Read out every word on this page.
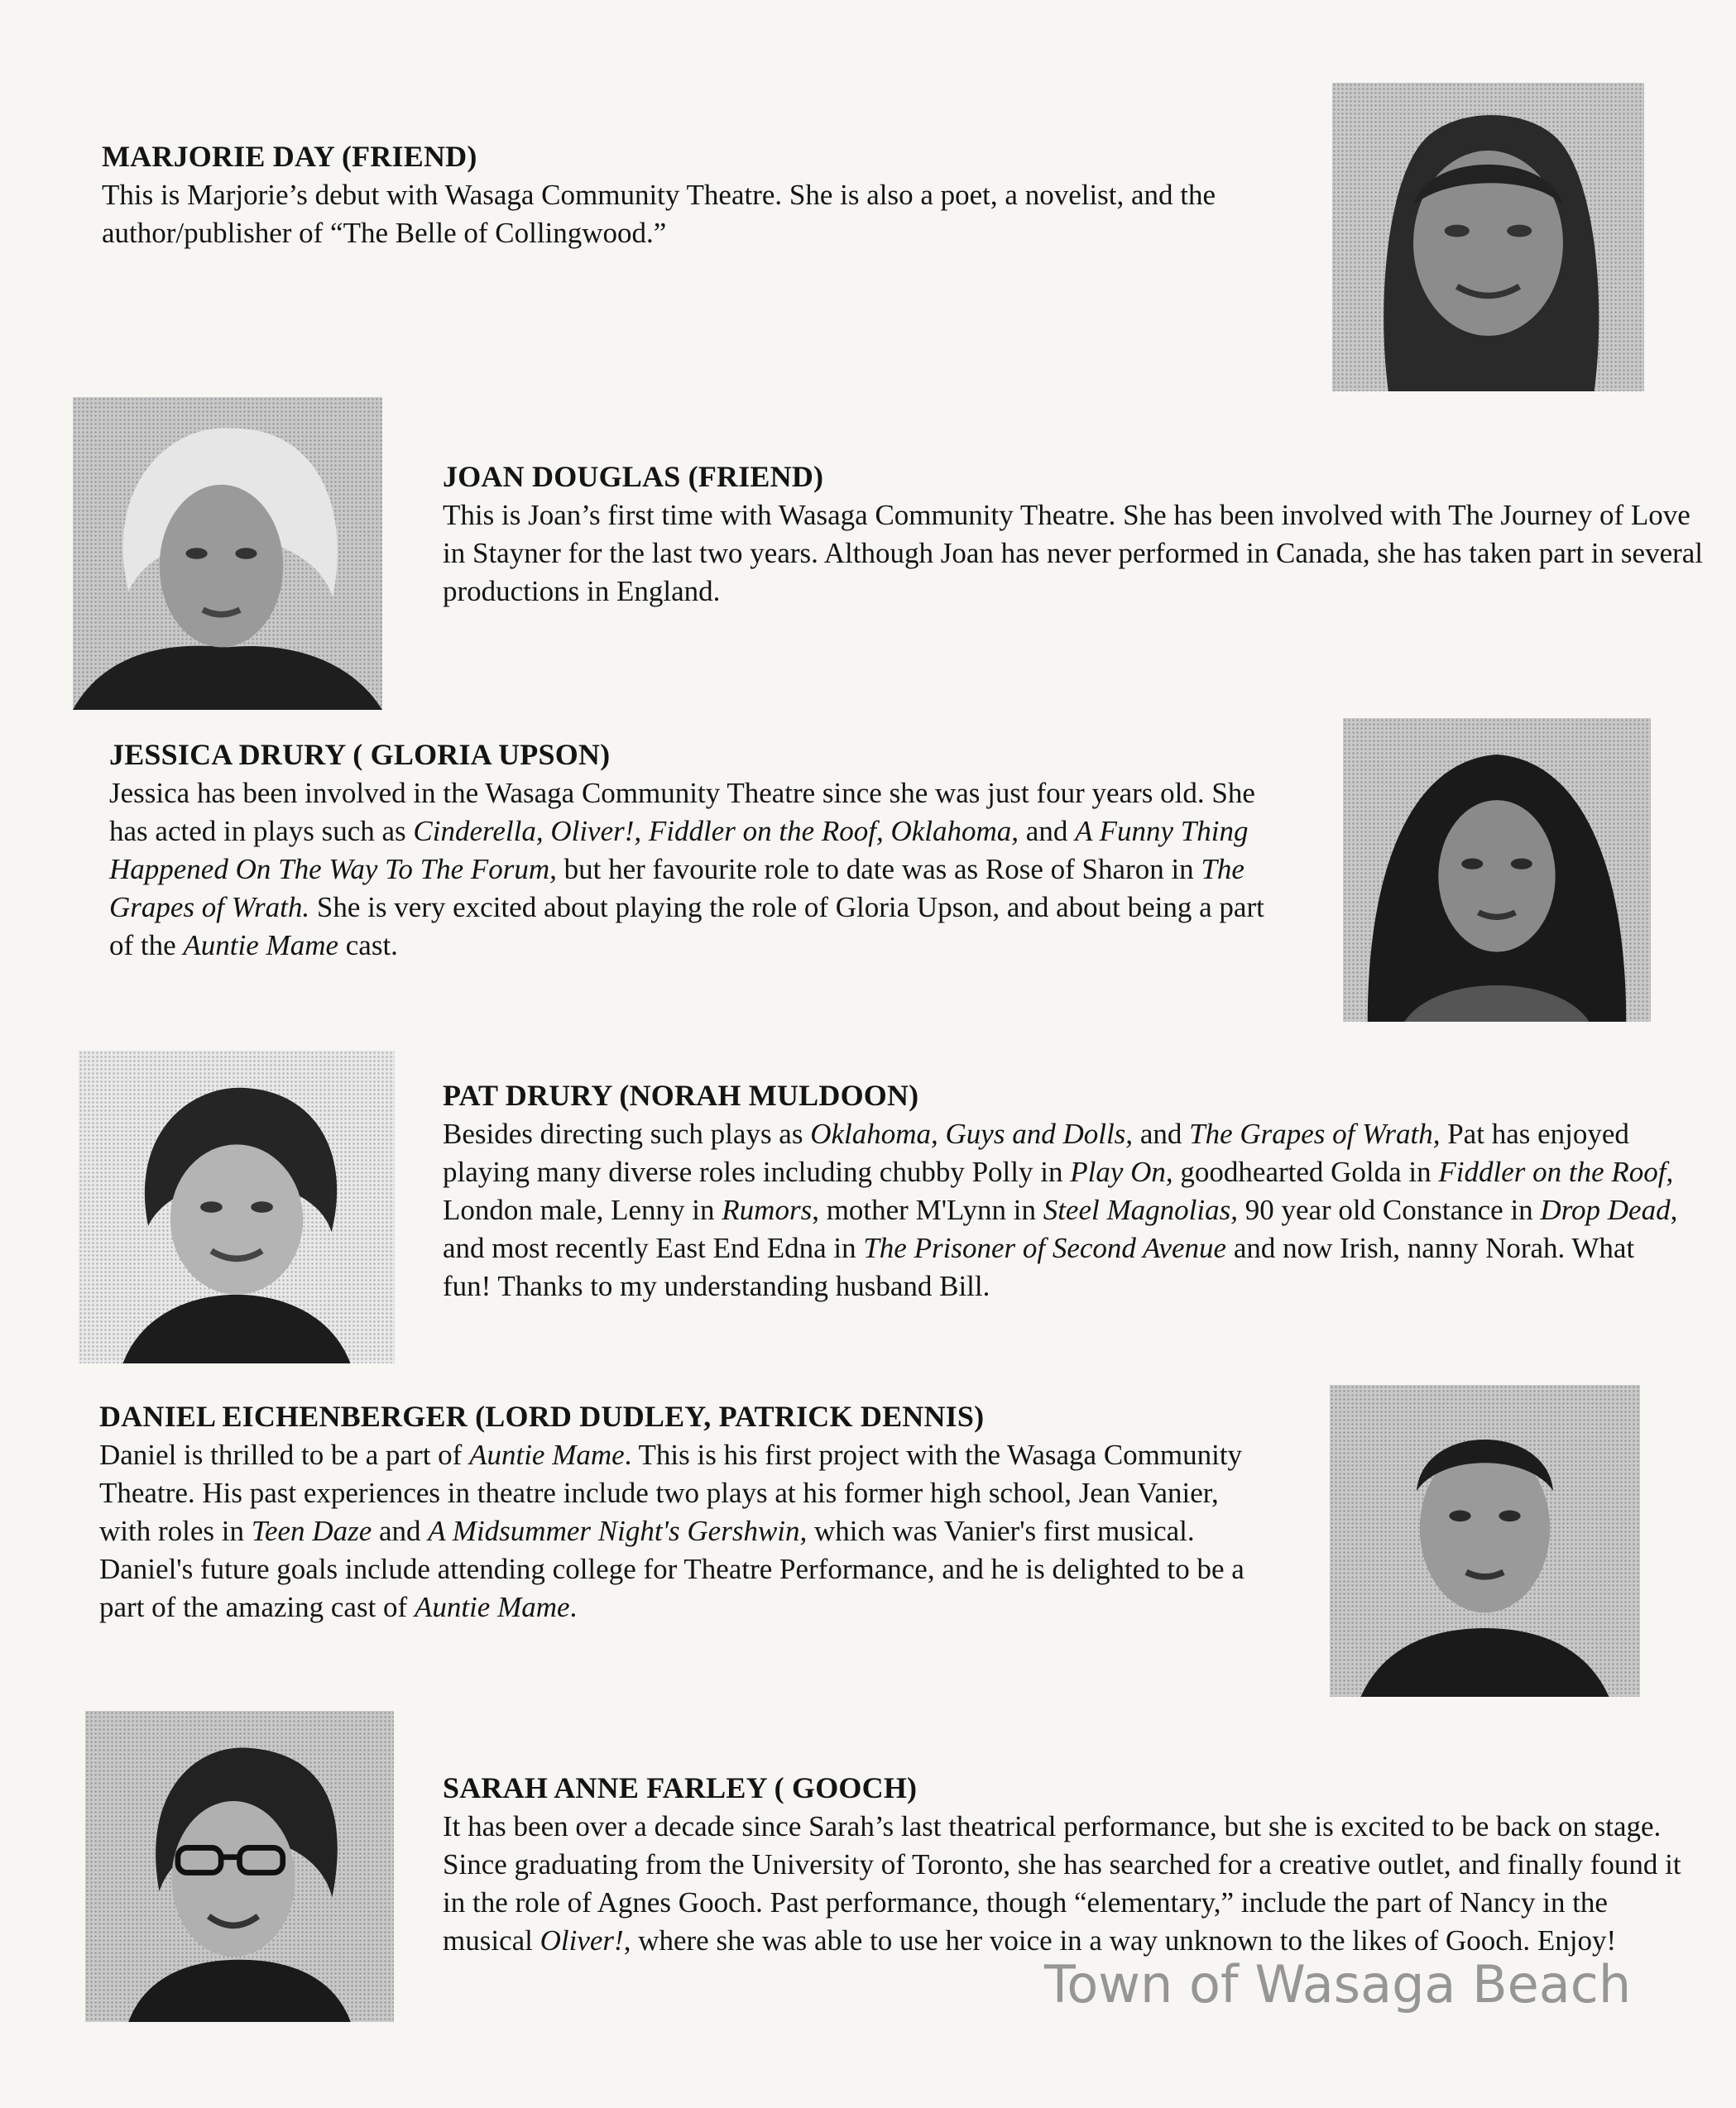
MARJORIE DAY (FRIEND)

This is Marjorie’s debut with Wasaga Community Theatre. She is also a poet, a novelist, and the author/publisher of “The Belle of Collingwood.”

JOAN DOUGLAS (FRIEND)

This is Joan’s first time with Wasaga Community Theatre. She has been involved with The Journey of Love in Stayner for the last two years. Although Joan has never performed in Canada, she has taken part in several productions in England.

JESSICA DRURY ( GLORIA UPSON)

Jessica has been involved in the Wasaga Community Theatre since she was just four years old. She has acted in plays such as Cinderella, Oliver!, Fiddler on the Roof, Oklahoma, and A Funny Thing Happened On The Way To The Forum, but her favourite role to date was as Rose of Sharon in The Grapes of Wrath. She is very excited about playing the role of Gloria Upson, and about being a part of the Auntie Mame cast.

PAT DRURY (NORAH MULDOON)

Besides directing such plays as Oklahoma, Guys and Dolls, and The Grapes of Wrath, Pat has enjoyed playing many diverse roles including chubby Polly in Play On, goodhearted Golda in Fiddler on the Roof, London male, Lenny in Rumors, mother M'Lynn in Steel Magnolias, 90 year old Constance in Drop Dead, and most recently East End Edna in The Prisoner of Second Avenue and now Irish, nanny Norah. What fun! Thanks to my understanding husband Bill.

DANIEL EICHENBERGER (LORD DUDLEY, PATRICK DENNIS)

Daniel is thrilled to be a part of Auntie Mame. This is his first project with the Wasaga Community Theatre. His past experiences in theatre include two plays at his former high school, Jean Vanier, with roles in Teen Daze and A Midsummer Night's Gershwin, which was Vanier's first musical. Daniel's future goals include attending college for Theatre Performance, and he is delighted to be a part of the amazing cast of Auntie Mame.

SARAH ANNE FARLEY ( GOOCH)

It has been over a decade since Sarah’s last theatrical performance, but she is excited to be back on stage. Since graduating from the University of Toronto, she has searched for a creative outlet, and finally found it in the role of Agnes Gooch. Past performance, though “elementary,” include the part of Nancy in the musical Oliver!, where she was able to use her voice in a way unknown to the likes of Gooch. Enjoy!

Town of Wasaga Beach
